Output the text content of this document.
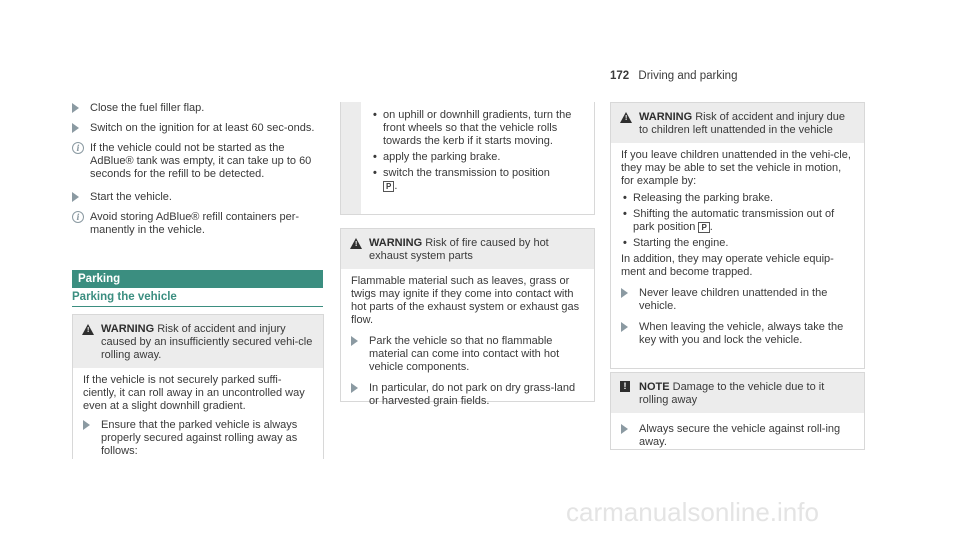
172 Driving and parking
Close the fuel filler flap.
Switch on the ignition for at least 60 sec-onds.
i If the vehicle could not be started as the AdBlue® tank was empty, it can take up to 60 seconds for the refill to be detected.
Start the vehicle.
i Avoid storing AdBlue® refill containers per-manently in the vehicle.
Parking
Parking the vehicle
!	WARNING Risk of accident and injury caused by an insufficiently secured vehi-cle rolling away.

If the vehicle is not securely parked suffi-ciently, it can roll away in an uncontrolled way even at a slight downhill gradient.

Ensure that the parked vehicle is always properly secured against rolling away as follows:
• on uphill or downhill gradients, turn the front wheels so that the vehicle rolls towards the kerb if it starts moving.
• apply the parking brake.
• switch the transmission to position
P .
!	WARNING Risk of fire caused by hot exhaust system parts

Flammable material such as leaves, grass or twigs may ignite if they come into contact with hot parts of the exhaust system or exhaust gas flow.

Park the vehicle so that no flammable material can come into contact with hot vehicle components.
In particular, do not park on dry grass-land or harvested grain fields.
!	WARNING Risk of accident and injury due to children left unattended in the vehicle

If you leave children unattended in the vehi-cle, they may be able to set the vehicle in motion, for example by:

• Releasing the parking brake.
• Shifting the automatic transmission out of park position P .
• Starting the engine.

In addition, they may operate vehicle equip-ment and become trapped.

Never leave children unattended in the vehicle.
When leaving the vehicle, always take the key with you and lock the vehicle.
!	NOTE Damage to the vehicle due to it rolling away
Always secure the vehicle against roll-ing away.
carmanualsonline.info
